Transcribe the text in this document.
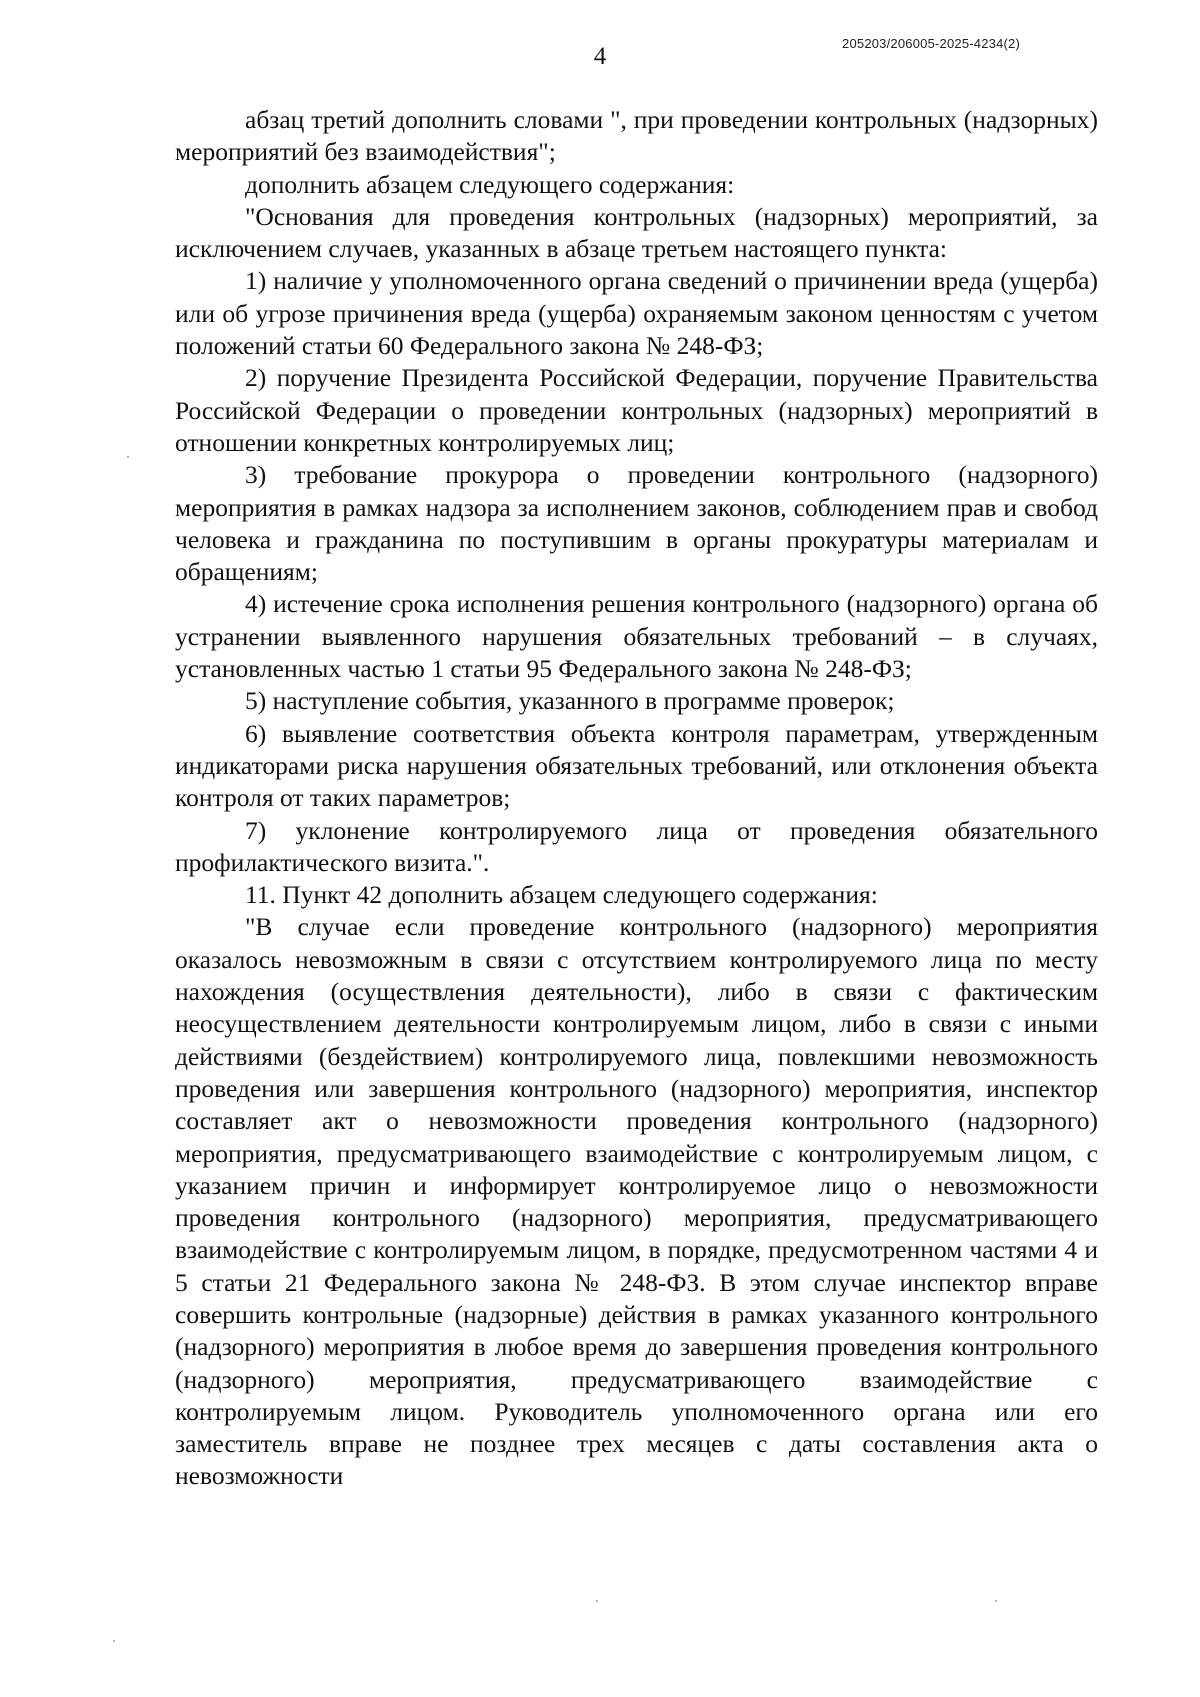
205203/206005-2025-4234(2)
4

абзац третий дополнить словами ", при проведении контрольных (надзорных) мероприятий без взаимодействия";

дополнить абзацем следующего содержания:

"Основания для проведения контрольных (надзорных) мероприятий, за исключением случаев, указанных в абзаце третьем настоящего пункта:

1) наличие у уполномоченного органа сведений о причинении вреда (ущерба) или об угрозе причинения вреда (ущерба) охраняемым законом ценностям с учетом положений статьи 60 Федерального закона № 248-ФЗ;

2) поручение Президента Российской Федерации, поручение Правительства Российской Федерации о проведении контрольных (надзорных) мероприятий в отношении конкретных контролируемых лиц;

3) требование прокурора о проведении контрольного (надзорного) мероприятия в рамках надзора за исполнением законов, соблюдением прав и свобод человека и гражданина по поступившим в органы прокуратуры материалам и обращениям;

4) истечение срока исполнения решения контрольного (надзорного) органа об устранении выявленного нарушения обязательных требований – в случаях, установленных частью 1 статьи 95 Федерального закона № 248-ФЗ;

5) наступление события, указанного в программе проверок;

6) выявление соответствия объекта контроля параметрам, утвержденным индикаторами риска нарушения обязательных требований, или отклонения объекта контроля от таких параметров;

7) уклонение контролируемого лица от проведения обязательного профилактического визита.".

11. Пункт 42 дополнить абзацем следующего содержания:

"В случае если проведение контрольного (надзорного) мероприятия оказалось невозможным в связи с отсутствием контролируемого лица по месту нахождения (осуществления деятельности), либо в связи с фактическим неосуществлением деятельности контролируемым лицом, либо в связи с иными действиями (бездействием) контролируемого лица, повлекшими невозможность проведения или завершения контрольного (надзорного) мероприятия, инспектор составляет акт о невозможности проведения контрольного (надзорного) мероприятия, предусматривающего взаимодействие с контролируемым лицом, с указанием причин и информирует контролируемое лицо о невозможности проведения контрольного (надзорного) мероприятия, предусматривающего взаимодействие с контролируемым лицом, в порядке, предусмотренном частями 4 и 5 статьи 21 Федерального закона № 248-ФЗ. В этом случае инспектор вправе совершить контрольные (надзорные) действия в рамках указанного контрольного (надзорного) мероприятия в любое время до завершения проведения контрольного (надзорного) мероприятия, предусматривающего взаимодействие с контролируемым лицом. Руководитель уполномоченного органа или его заместитель вправе не позднее трех месяцев с даты составления акта о невозможности
